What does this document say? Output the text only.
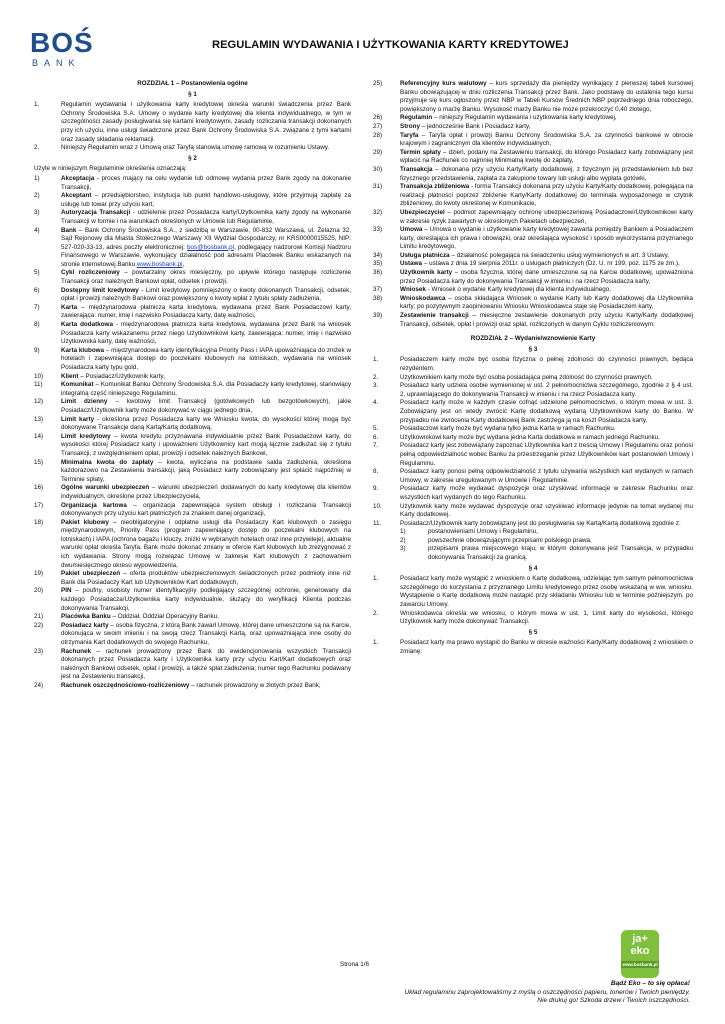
BOŚ
BANK
REGULAMIN WYDAWANIA I UŻYTKOWANIA KARTY KREDYTOWEJ
ROZDZIAŁ 1 – Postanowienia ogólne
§ 1
1.	Regulamin wydawania i użytkowania karty kredytowej określa warunki świadczenia przez Bank Ochrony Środowiska S.A. Umowy o wydanie karty kredytowej dla klienta indywidualnego, w tym w szczególności zasady posługiwania się kartami kredytowymi, zasady rozliczania transakcji dokonanych przy ich użyciu, inne usługi świadczone przez Bank Ochrony Środowiska S.A. związane z tymi kartami oraz zasady składania reklamacji.
2.	Niniejszy Regulamin wraz z Umową oraz Taryfą stanowią umowę ramową w rozumieniu Ustawy.
§ 2
Użyte w niniejszym Regulaminie określenia oznaczają:
1)	Akceptacja - proces mający na celu wydanie lub odmowę wydania przez Bank zgody na dokonanie Transakcji,
2)	Akceptant – przedsiębiorstwo, instytucja lub punkt handlowo-usługowy, które przyjmują zapłatę za usługę lub towar przy użyciu kart,
3)	Autoryzacja Transakcji - udzielenie przez Posiadacza karty/Użytkownika karty zgody na wykonanie Transakcji w formie i na warunkach określonych w Umowie lub Regulaminie,
4)	Bank – Bank Ochrony Środowiska S.A., z siedzibą w Warszawie, 00-832 Warszawa, ul. Żelazna 32, Sąd Rejonowy dla Miasta Stołecznego Warszawy XII Wydział Gospodarczy, nr KRS0000015525, NIP: 527-020-33-13, adres poczty elektronicznej: bos@bosbank.pl, podlegający nadzorowi Komisji Nadzoru Finansowego w Warszawie, wykonujący działalność pod adresami Placówek Banku wskazanych na stronie internetowej Banku www.bosbank.pl,
5)	Cykl rozliczeniowy – powtarzalny okres miesięczny, po upływie którego następuje rozliczenie Transakcji oraz należnych Bankowi opłat, odsetek i prowizji,
6)	Dostępny limit kredytowy - Limit kredytowy pomniejszony o kwoty dokonanych Transakcji, odsetek, opłat i prowizji należnych Bankowi oraz powiększony o kwoty wpłat z tytułu spłaty zadłużenia,
7)	Karta – międzynarodowa płatnicza karta kredytowa, wydawana przez Bank Posiadaczowi karty, zawierająca: numer, imię i nazwisko Posiadacza karty, datę ważności,
8)	Karta dodatkowa - międzynarodowa płatnicza karta kredytowa, wydawana przez Bank na wniosek Posiadacza karty wskazanemu przez niego Użytkownikowi karty, zawierająca: numer, imię i nazwisko Użytkownika karty, datę ważności,
9)	Karta klubowa – międzynarodowa karty identyfikacyjna Priority Pass i IAPA upoważniająca do zniżek w hotelach i zapewniająca dostęp do poczekalni klubowych na lotniskach, wydawana na wniosek Posiadacza karty typu gold,
10)	Klient – Posiadacz/Użytkownik karty,
11)	Komunikat – Komunikat Banku Ochrony Środowiska S.A. dla Posiadaczy karty kredytowej, stanowiący integralną część niniejszego Regulaminu,
12)	Limit dzienny – kwotowy limit Transakcji (gotówkowych lub bezgotówkowych), jakie Posiadacz/Użytkownik karty może dokonywać w ciągu jednego dnia,
13)	Limit karty - określona przez Posiadacza karty we Wniosku kwota, do wysokości której mogą być dokonywane Transakcje daną Kartą/Kartą dodatkową,
14)	Limit kredytowy – kwota kredytu przyznawana indywidualnie przez Bank Posiadaczowi karty, do wysokości której Posiadacz karty i upoważnieni Użytkownicy kart mogą łącznie zadłużać się z tytułu Transakcji, z uwzględnieniem opłat, prowizji i odsetek należnych Bankowi,
15)	Minimalna kwota do zapłaty – kwota, wyliczana na podstawie salda zadłużenia, określona każdorazowo na Zestawieniu transakcji, jaką Posiadacz karty zobowiązany jest spłacić najpóźniej w Terminie spłaty,
16)	Ogólne warunki ubezpieczeń – warunki ubezpieczeń dodawanych do karty kredytowej dla klientów indywidualnych, określone przez Ubezpieczyciela,
17)	Organizacja kartowa – organizacja zapewniająca system obsługi i rozliczania Transakcji dokonywanych przy użyciu kart płatniczych za znakiem danej organizacji,
18)	Pakiet klubowy – nieobligatoryjne i odpłatne usługi dla Posiadaczy Kart klubowych o zasięgu międzynarodowym, Priority Pass (program zapewniający dostęp do poczekalni klubowych na lotniskach) i IAPA (ochrona bagażu i kluczy, zniżki w wybranych hotelach oraz inne przywileje), aktualne warunki opłat określa Taryfa. Bank może dokonać zmiany w ofercie Kart klubowych lub zrezygnować z ich wydawania. Strony mogą rozwiązać Umowę w zakresie Kart klubowych z zachowaniem dwumiesięcznego okresu wypowiedzenia,
19)	Pakiet ubezpieczeń – oferta produktów ubezpieczeniowych świadczonych przez podmioty inne niż Bank dla Posiadaczy Kart lub Użytkowników Kart dodatkowych,
20)	PIN – poufny, osobisty numer identyfikacyjny podlegający szczególnej ochronie, generowany dla każdego Posiadacza/Użytkownika karty indywidualnie, służący do weryfikacji Klienta podczas dokonywania Transakcji,
21)	Placówka Banku – Oddział, Oddział Operacyjny Banku,
22)	Posiadacz karty – osoba fizyczna, z którą Bank zawarł Umowę, której dane umieszczone są na Karcie, dokonująca w swoim imieniu i na swoją rzecz Transakcji Kartą, oraz upoważniająca inne osoby do otrzymania Kart dodatkowych do swojego Rachunku,
23)	Rachunek – rachunek prowadzony przez Bank do ewidencjonowania wszystkich Transakcji dokonanych przez Posiadacza karty i Użytkownika karty przy użyciu Kart/Kart dodatkowych oraz należnych Bankowi odsetek, opłat i prowizji, a także spłat zadłużenia; numer tego Rachunku podawany jest na Zestawieniu transakcji,
24)	Rachunek oszczędnościowo-rozliczeniowy – rachunek prowadzony w złotych przez Bank,
25)	Referencyjny kurs walutowy – kurs sprzedaży dla pieniędzy wynikający z pierwszej tabeli kursowej Banku obowiązującej w dniu rozliczenia Transakcji przez Bank. Jako podstawę do ustalenia tego kursu przyjmuje się kurs ogłoszony przez NBP w Tabeli Kursów Średnich NBP poprzedniego dnia roboczego, powiększony o marżę Banku. Wysokość marży Banku nie może przekroczyć 0,40 złotego,
26)	Regulamin – niniejszy Regulamin wydawania i użytkowania karty kredytowej,
27)	Strony – jednocześnie Bank i Posiadacz karty,
28)	Taryfa – Taryfa opłat i prowizji Banku Ochrony Środowiska S.A. za czynności bankowe w obrocie krajowym i zagranicznym dla klientów indywidualnych,
29)	Termin spłaty – dzień, podany na Zestawieniu transakcji, do którego Posiadacz karty zobowiązany jest wpłacić na Rachunek co najmniej Minimalną kwotę do zapłaty,
30)	Transakcja – dokonana przy użyciu Karty/Karty dodatkowej, z fizycznym jej przedstawieniem lub bez fizycznego przedstawienia, zapłata za zakupione towary lub usługi albo wypłata gotówki,
31)	Transakcja zbliżeniowa - forma Transakcji dokonana przy użyciu Karty/Karty dodatkowej, polegająca na realizacji płatności poprzez zbliżenie Karty/Karty dodatkowej do terminala wyposażonego w czytnik zbliżeniowy, do kwoty określonej w Komunikacie,
32)	Ubezpieczyciel – podmiot zapewniający ochronę ubezpieczeniową Posiadaczowi/Użytkownikowi karty w zakresie ryzyk zawartych w określonych Pakietach ubezpieczeń,
33)	Umowa – Umowa o wydanie i użytkowanie karty kredytowej zawarta pomiędzy Bankiem a Posiadaczem karty, określająca ich prawa i obowiązki, oraz określająca wysokość i sposób wykorzystania przyznanego Limitu kredytowego,
34)	Usługa płatnicza – działalność polegająca na świadczeniu usług wymienionych w art. 3 Ustawy,
35)	Ustawa – ustawa z dnia 19 sierpnia 2011r. o usługach płatniczych (Dz. U. nr 199, poz. 1175 ze zm.),
36)	Użytkownik karty – osoba fizyczna, której dane umieszczone są na Karcie dodatkowej, upoważniona przez Posiadacza karty do dokonywania Transakcji w imieniu i na rzecz Posiadacza karty,
37)	Wniosek - Wniosek o wydanie Karty kredytowej dla klienta indywidualnego,
38)	Wnioskodawca – osoba składająca Wniosek o wydanie Karty lub Karty dodatkowej dla Użytkownika karty; po pozytywnym zaopiniowaniu Wniosku Wnioskodawca staje się Posiadaczem karty,
39)	Zestawienie transakcji – miesięczne zestawienie dokonanych przy użyciu Karty/Karty dodatkowej Transakcji, odsetek, opłat i prowizji oraz spłat, rozliczonych w danym Cyklu rozliczeniowym.
ROZDZIAŁ 2 – Wydanie/wznowienie Karty
§ 3
1.	Posiadaczem karty może być osoba fizyczna o pełnej zdolności do czynności prawnych, będąca rezydentem.
2.	Użytkownikiem karty może być osoba posiadająca pełną zdolność do czynności prawnych.
3.	Posiadacz karty udziela osobie wymienionej w ust. 2 pełnomocnictwa szczególnego, zgodnie z § 4 ust. 2, uprawniającego do dokonywania Transakcji w imieniu i na rzecz Posiadacza karty.
4.	Posiadacz karty może w każdym czasie cofnąć udzielone pełnomocnictwo, o którym mowa w ust. 3. Zobowiązany jest on wtedy zwrócić Kartę dodatkową wydaną Użytkownikowi karty do Banku. W przypadku nie zwrócenia Karty dodatkowej Bank zastrzega ją na koszt Posiadacza karty.
5.	Posiadaczowi karty może być wydana tylko jedna Karta w ramach Rachunku.
6.	Użytkownikowi karty może być wydana jedna Karta dodatkowa w ramach jednego Rachunku.
7.	Posiadacz karty jest zobowiązany zapoznać Użytkownika kart z treścią Umowy i Regulaminu oraz ponosi pełną odpowiedzialność wobec Banku za przestrzeganie przez Użytkowników kart postanowień Umowy i Regulaminu.
8.	Posiadacz karty ponosi pełną odpowiedzialność z tytułu używania wszystkich kart wydanych w ramach Umowy, w zakresie uregulowanym w Umowie i Regulaminie.
9.	Posiadacz karty może wydawać dyspozycje oraz uzyskiwać informacje w zakresie Rachunku oraz wszystkich kart wydanych do tego Rachunku.
10.	Użytkownik karty może wydawać dyspozycje oraz uzyskiwać informacje jedynie na temat wydanej mu Karty dodatkowej.
11.	Posiadacz/Użytkownik karty zobowiązany jest do posługiwania się Kartą/Kartą dodatkową zgodnie z:
1)	postanowieniami Umowy i Regulaminu,
2)	powszechnie obowiązującymi przepisami polskiego prawa,
3)	przepisami prawa miejscowego kraju, w którym dokonywana jest Transakcja, w przypadku dokonywania Transakcji za granicą.
§ 4
1.	Posiadacz karty może wystąpić z wnioskiem o Kartę dodatkową, udzielając tym samym pełnomocnictwa szczególnego do korzystania z przyznanego Limitu kredytowego przez osobę wskazaną w ww. wniosku. Wystąpienie o Kartę dodatkową może nastąpić przy składaniu Wniosku lub w terminie późniejszym, po zawarciu Umowy.
2.	Wnioskodawca określa we wniosku, o którym mowa w ust. 1, Limit karty do wysokości, którego Użytkownik karty może dokonywać Transakcji.
§ 5
1.	Posiadacz karty ma prawo wystąpić do Banku w okresie ważności Karty/Karty dodatkowej z wnioskiem o zmianę:
Strona 1/6
ja+
eko
www.bosbank.pl
Bądź Eko – to się opłaca!
Układ regulaminu zaprojektowaliśmy z myślą o oszczędności papieru, tonerów i Twoich pieniędzy.
Nie drukuj go! Szkoda drzew i Twoich oszczędności.
